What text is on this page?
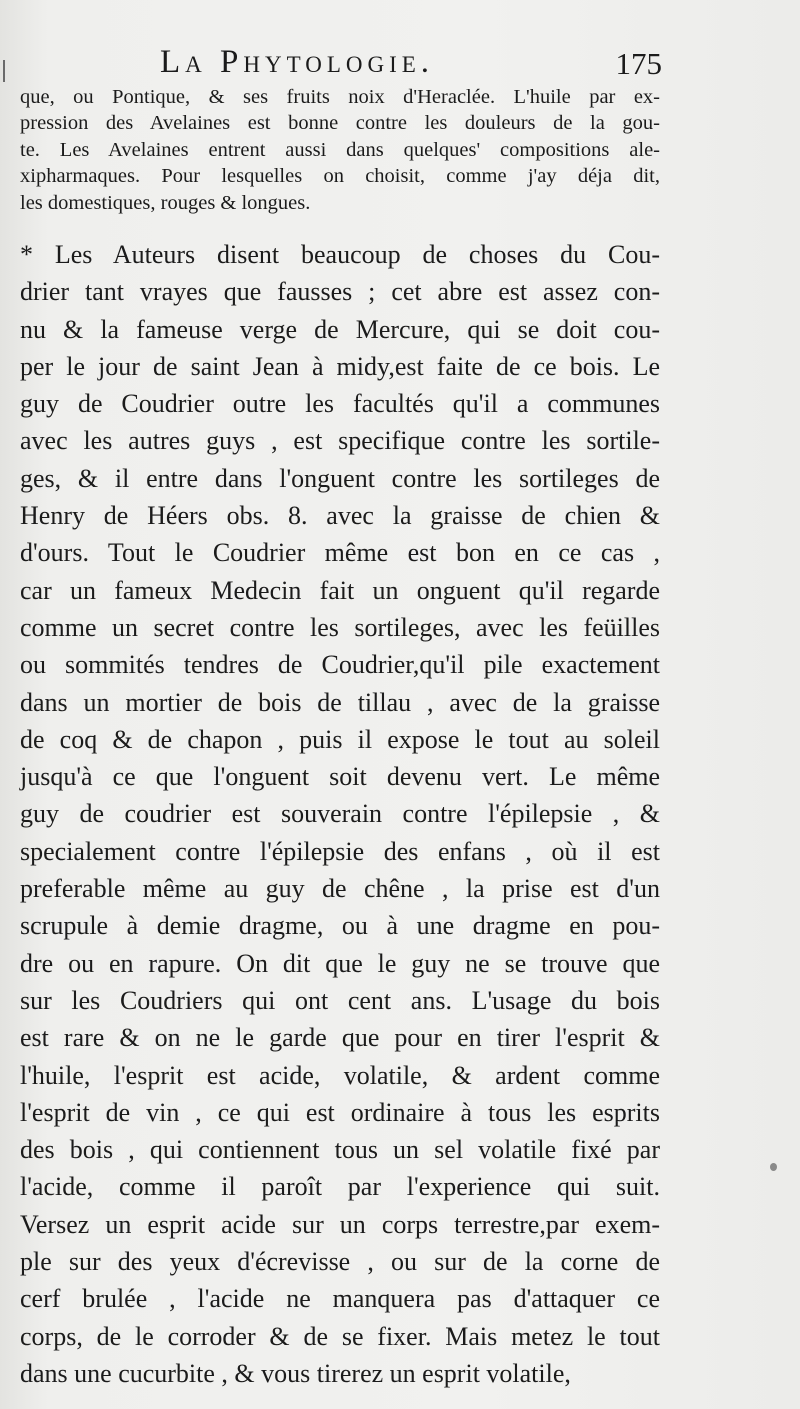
La Phytologie.	175
que, ou Pontique, & ses fruits noix d'Heraclée. L'huile par ex-
pression des Avelaines est bonne contre les douleurs de la gou-
te. Les Avelaines entrent aussi dans quelques' compositions ale-
xipharmaques. Pour lesquelles on choisit, comme j'ay déja dit,
les domestiques, rouges & longues.
* Les Auteurs disent beaucoup de choses du Cou-
drier tant vrayes que fausses ; cet abre est assez con-
nu & la fameuse verge de Mercure, qui se doit cou-
per le jour de saint Jean à midy,est faite de ce bois. Le
guy de Coudrier outre les facultés qu'il a communes
avec les autres guys , est specifique contre les sortile-
ges, & il entre dans l'onguent contre les sortileges de
Henry de Héers obs. 8. avec la graisse de chien &
d'ours. Tout le Coudrier même est bon en ce cas ,
car un fameux Medecin fait un onguent qu'il regarde
comme un secret contre les sortileges, avec les feüilles
ou sommités tendres de Coudrier,qu'il pile exactement
dans un mortier de bois de tillau , avec de la graisse
de coq & de chapon , puis il expose le tout au soleil
jusqu'à ce que l'onguent soit devenu vert. Le même
guy de coudrier est souverain contre l'épilepsie , &
specialement contre l'épilepsie des enfans , où il est
preferable même au guy de chêne , la prise est d'un
scrupule à demie dragme, ou à une dragme en pou-
dre ou en rapure. On dit que le guy ne se trouve que
sur les Coudriers qui ont cent ans. L'usage du bois
est rare & on ne le garde que pour en tirer l'esprit &
l'huile, l'esprit est acide, volatile, & ardent comme
l'esprit de vin , ce qui est ordinaire à tous les esprits
des bois , qui contiennent tous un sel volatile fixé par
l'acide, comme il paroît par l'experience qui suit.
Versez un esprit acide sur un corps terrestre,par exem-
ple sur des yeux d'écrevisse , ou sur de la corne de
cerf brulée , l'acide ne manquera pas d'attaquer ce
corps, de le corroder & de se fixer. Mais metez le tout
dans une cucurbite , & vous tirerez un esprit volatile,
